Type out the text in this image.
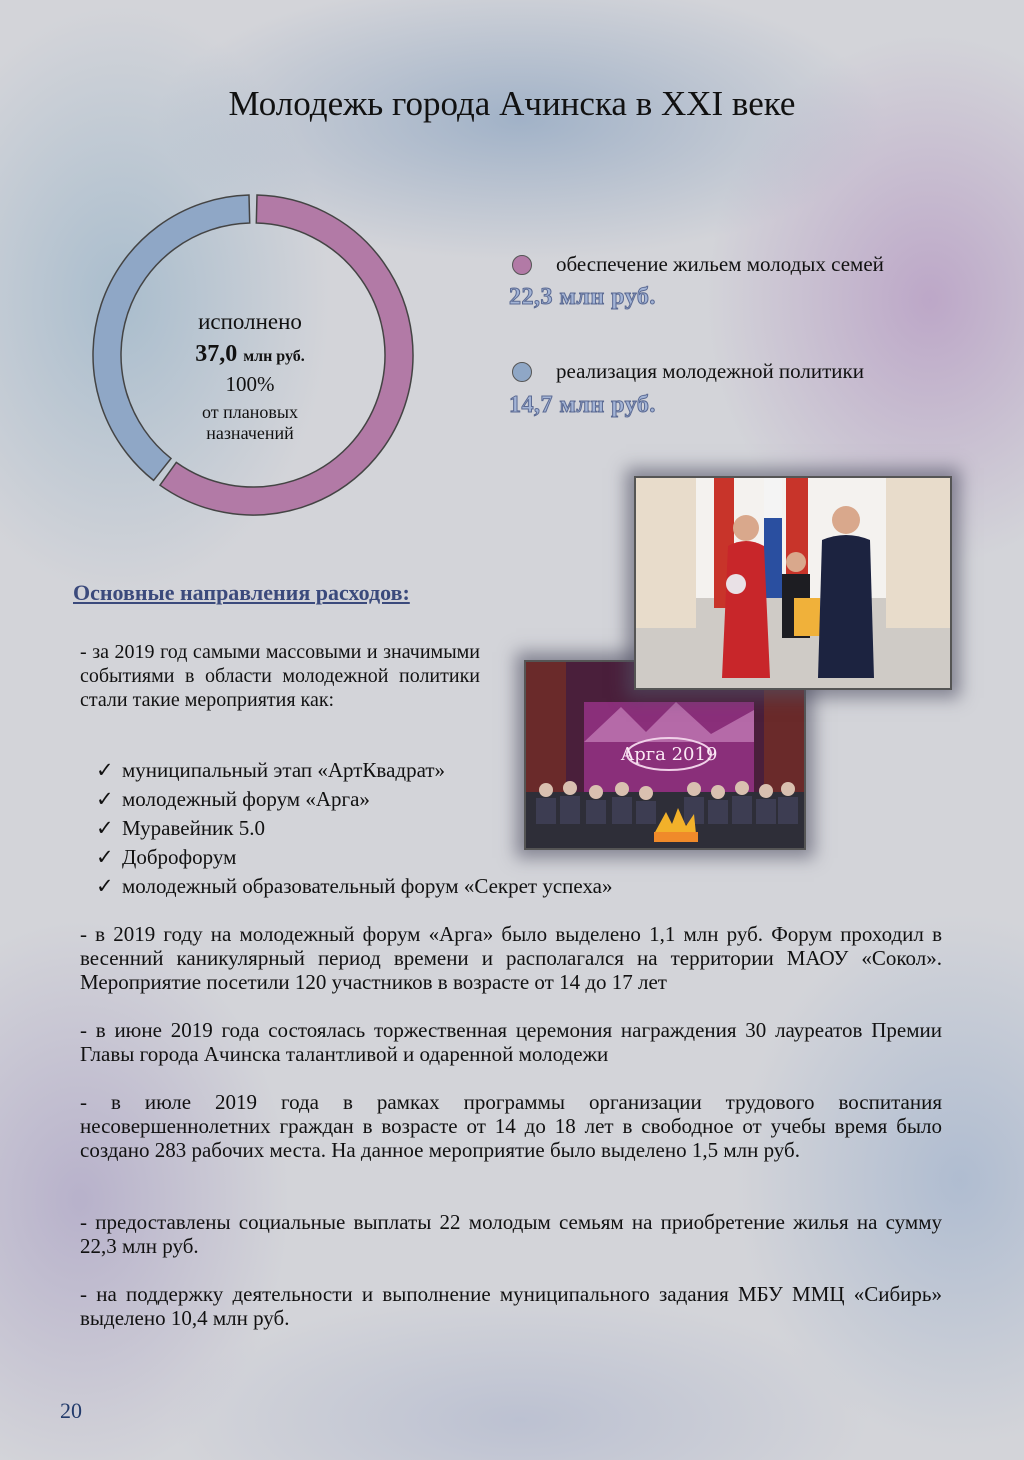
Молодежь города Ачинска в XXI веке
исполнено
37,0 млн руб.
100%
от плановых
назначений
обеспечение жильем молодых семей
22,3 млн руб.
реализация молодежной политики
14,7 млн руб.
Арга 2019
Основные направления расходов:
- за 2019 год самыми массовыми и значимыми событиями в области молодежной политики стали такие мероприятия как:
✓ муниципальный этап «АртКвадрат»
✓ молодежный форум «Арга»
✓ Муравейник 5.0
✓ Доброфорум
✓ молодежный образовательный форум «Секрет успеха»
- в 2019 году на молодежный форум «Арга» было выделено 1,1 млн руб. Форум проходил в весенний каникулярный период времени и располагался на территории МАОУ «Сокол». Мероприятие посетили 120 участников в возрасте от 14 до 17 лет
- в июне 2019 года состоялась торжественная церемония награждения 30 лауреатов Премии Главы города Ачинска талантливой и одаренной молодежи
- в июле 2019 года в рамках программы организации трудового воспитания несовершеннолетних граждан в возрасте от 14 до 18 лет в свободное от учебы время было создано 283 рабочих места. На данное мероприятие было выделено 1,5 млн руб.
- предоставлены социальные выплаты 22 молодым семьям на приобретение жилья на сумму 22,3 млн руб.
- на поддержку деятельности и выполнение муниципального задания МБУ ММЦ «Сибирь» выделено 10,4 млн руб.
20
